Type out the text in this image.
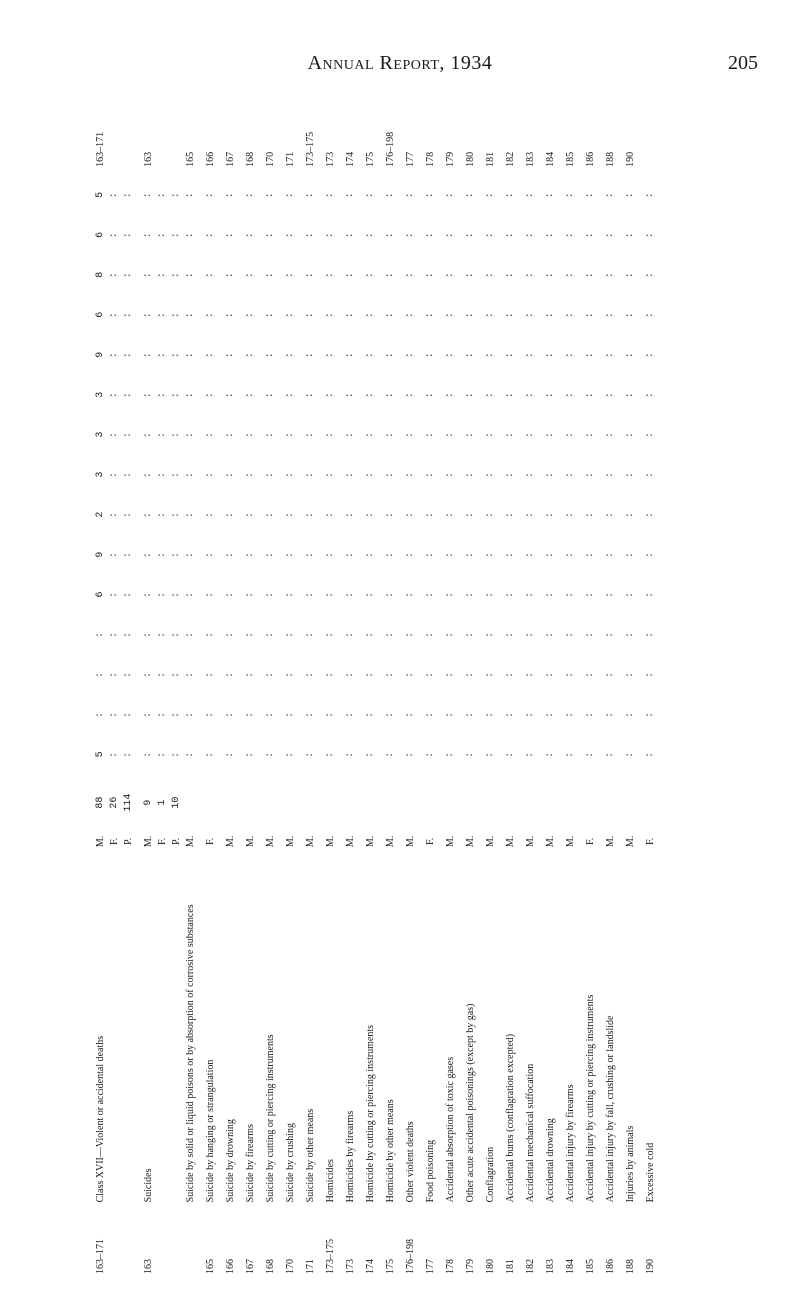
Annual Report, 1934	205
163–171	Class XVII—Violent or accidental deaths	M.	88	5	:	:	:	6	9	2	3	3	3	9	6	8	6	5	163–171
		F.	26	:	:	:	:	:	:	:	:	:	:	:	:	:	:	:	
		P.	114	:	:	:	:	:	:	:	:	:	:	:	:	:	:	:	
163	Suicides	M.	9	:	:	:	:	:	:	:	:	:	:	:	:	:	:	:	163
		F.	1	:	:	:	:	:	:	:	:	:	:	:	:	:	:	:	
		P.	10	:	:	:	:	:	:	:	:	:	:	:	:	:	:	:	
	Suicide by solid or liquid poisons or by absorption of corrosive substances	M.		:	:	:	:	:	:	:	:	:	:	:	:	:	:	:	165
165	Suicide by hanging or strangulation	F.		:	:	:	:	:	:	:	:	:	:	:	:	:	:	:	166
166	Suicide by drowning	M.		:	:	:	:	:	:	:	:	:	:	:	:	:	:	:	167
167	Suicide by firearms	M.		:	:	:	:	:	:	:	:	:	:	:	:	:	:	:	168
168	Suicide by cutting or piercing instruments	M.		:	:	:	:	:	:	:	:	:	:	:	:	:	:	:	170
170	Suicide by crushing	M.		:	:	:	:	:	:	:	:	:	:	:	:	:	:	:	171
171	Suicide by other means	M.		:	:	:	:	:	:	:	:	:	:	:	:	:	:	:	173–175
173–175	Homicides	M.		:	:	:	:	:	:	:	:	:	:	:	:	:	:	:	173
173	Homicides by firearms	M.		:	:	:	:	:	:	:	:	:	:	:	:	:	:	:	174
174	Homicide by cutting or piercing instruments	M.		:	:	:	:	:	:	:	:	:	:	:	:	:	:	:	175
175	Homicide by other means	M.		:	:	:	:	:	:	:	:	:	:	:	:	:	:	:	176–198
176–198	Other violent deaths	M.		:	:	:	:	:	:	:	:	:	:	:	:	:	:	:	177
177	Food poisoning	F.		:	:	:	:	:	:	:	:	:	:	:	:	:	:	:	178
178	Accidental absorption of toxic gases	M.		:	:	:	:	:	:	:	:	:	:	:	:	:	:	:	179
179	Other acute accidental poisonings (except by gas)	M.		:	:	:	:	:	:	:	:	:	:	:	:	:	:	:	180
180	Conflagration	M.		:	:	:	:	:	:	:	:	:	:	:	:	:	:	:	181
181	Accidental burns (conflagration excepted)	M.		:	:	:	:	:	:	:	:	:	:	:	:	:	:	:	182
182	Accidental mechanical suffocation	M.		:	:	:	:	:	:	:	:	:	:	:	:	:	:	:	183
183	Accidental drowning	M.		:	:	:	:	:	:	:	:	:	:	:	:	:	:	:	184
184	Accidental injury by firearms	M.		:	:	:	:	:	:	:	:	:	:	:	:	:	:	:	185
185	Accidental injury by cutting or piercing instruments	F.		:	:	:	:	:	:	:	:	:	:	:	:	:	:	:	186
186	Accidental injury by fall, crushing or landslide	M.		:	:	:	:	:	:	:	:	:	:	:	:	:	:	:	188
188	Injuries by animals	M.		:	:	:	:	:	:	:	:	:	:	:	:	:	:	:	190
190	Excessive cold	F.		:	:	:	:	:	:	:	:	:	:	:	:	:	:	:	
